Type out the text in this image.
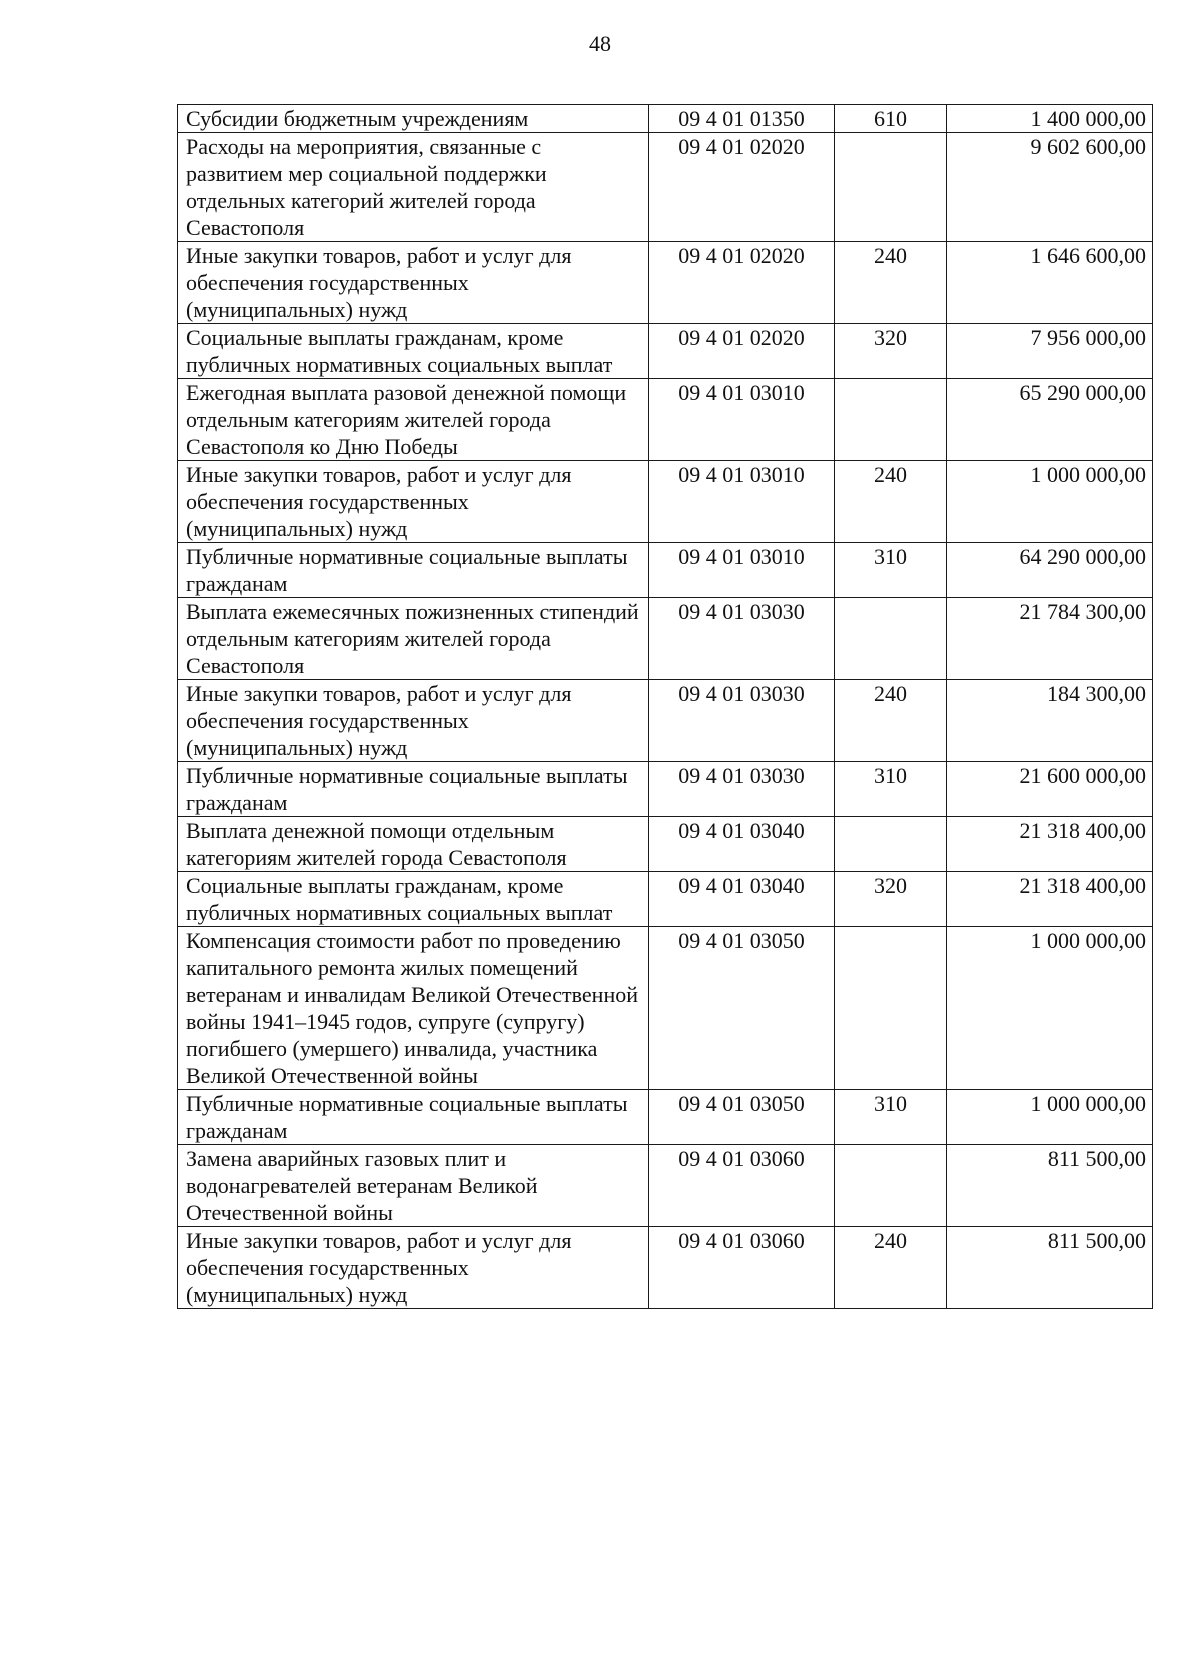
48
Субсидии бюджетным учреждениям	09 4 01 01350	610	1 400 000,00
Расходы на мероприятия, связанные с развитием мер социальной поддержки отдельных категорий жителей города Севастополя	09 4 01 02020		9 602 600,00
Иные закупки товаров, работ и услуг для обеспечения государственных (муниципальных) нужд	09 4 01 02020	240	1 646 600,00
Социальные выплаты гражданам, кроме публичных нормативных социальных выплат	09 4 01 02020	320	7 956 000,00
Ежегодная выплата разовой денежной помощи отдельным категориям жителей города Севастополя ко Дню Победы	09 4 01 03010		65 290 000,00
Иные закупки товаров, работ и услуг для обеспечения государственных (муниципальных) нужд	09 4 01 03010	240	1 000 000,00
Публичные нормативные социальные выплаты гражданам	09 4 01 03010	310	64 290 000,00
Выплата ежемесячных пожизненных стипендий отдельным категориям жителей города Севастополя	09 4 01 03030		21 784 300,00
Иные закупки товаров, работ и услуг для обеспечения государственных (муниципальных) нужд	09 4 01 03030	240	184 300,00
Публичные нормативные социальные выплаты гражданам	09 4 01 03030	310	21 600 000,00
Выплата денежной помощи отдельным категориям жителей города Севастополя	09 4 01 03040		21 318 400,00
Социальные выплаты гражданам, кроме публичных нормативных социальных выплат	09 4 01 03040	320	21 318 400,00
Компенсация стоимости работ по проведению капитального ремонта жилых помещений ветеранам и инвалидам Великой Отечественной войны 1941–1945 годов, супруге (супругу) погибшего (умершего) инвалида, участника Великой Отечественной войны	09 4 01 03050		1 000 000,00
Публичные нормативные социальные выплаты гражданам	09 4 01 03050	310	1 000 000,00
Замена аварийных газовых плит и водонагревателей ветеранам Великой Отечественной войны	09 4 01 03060		811 500,00
Иные закупки товаров, работ и услуг для обеспечения государственных (муниципальных) нужд	09 4 01 03060	240	811 500,00
